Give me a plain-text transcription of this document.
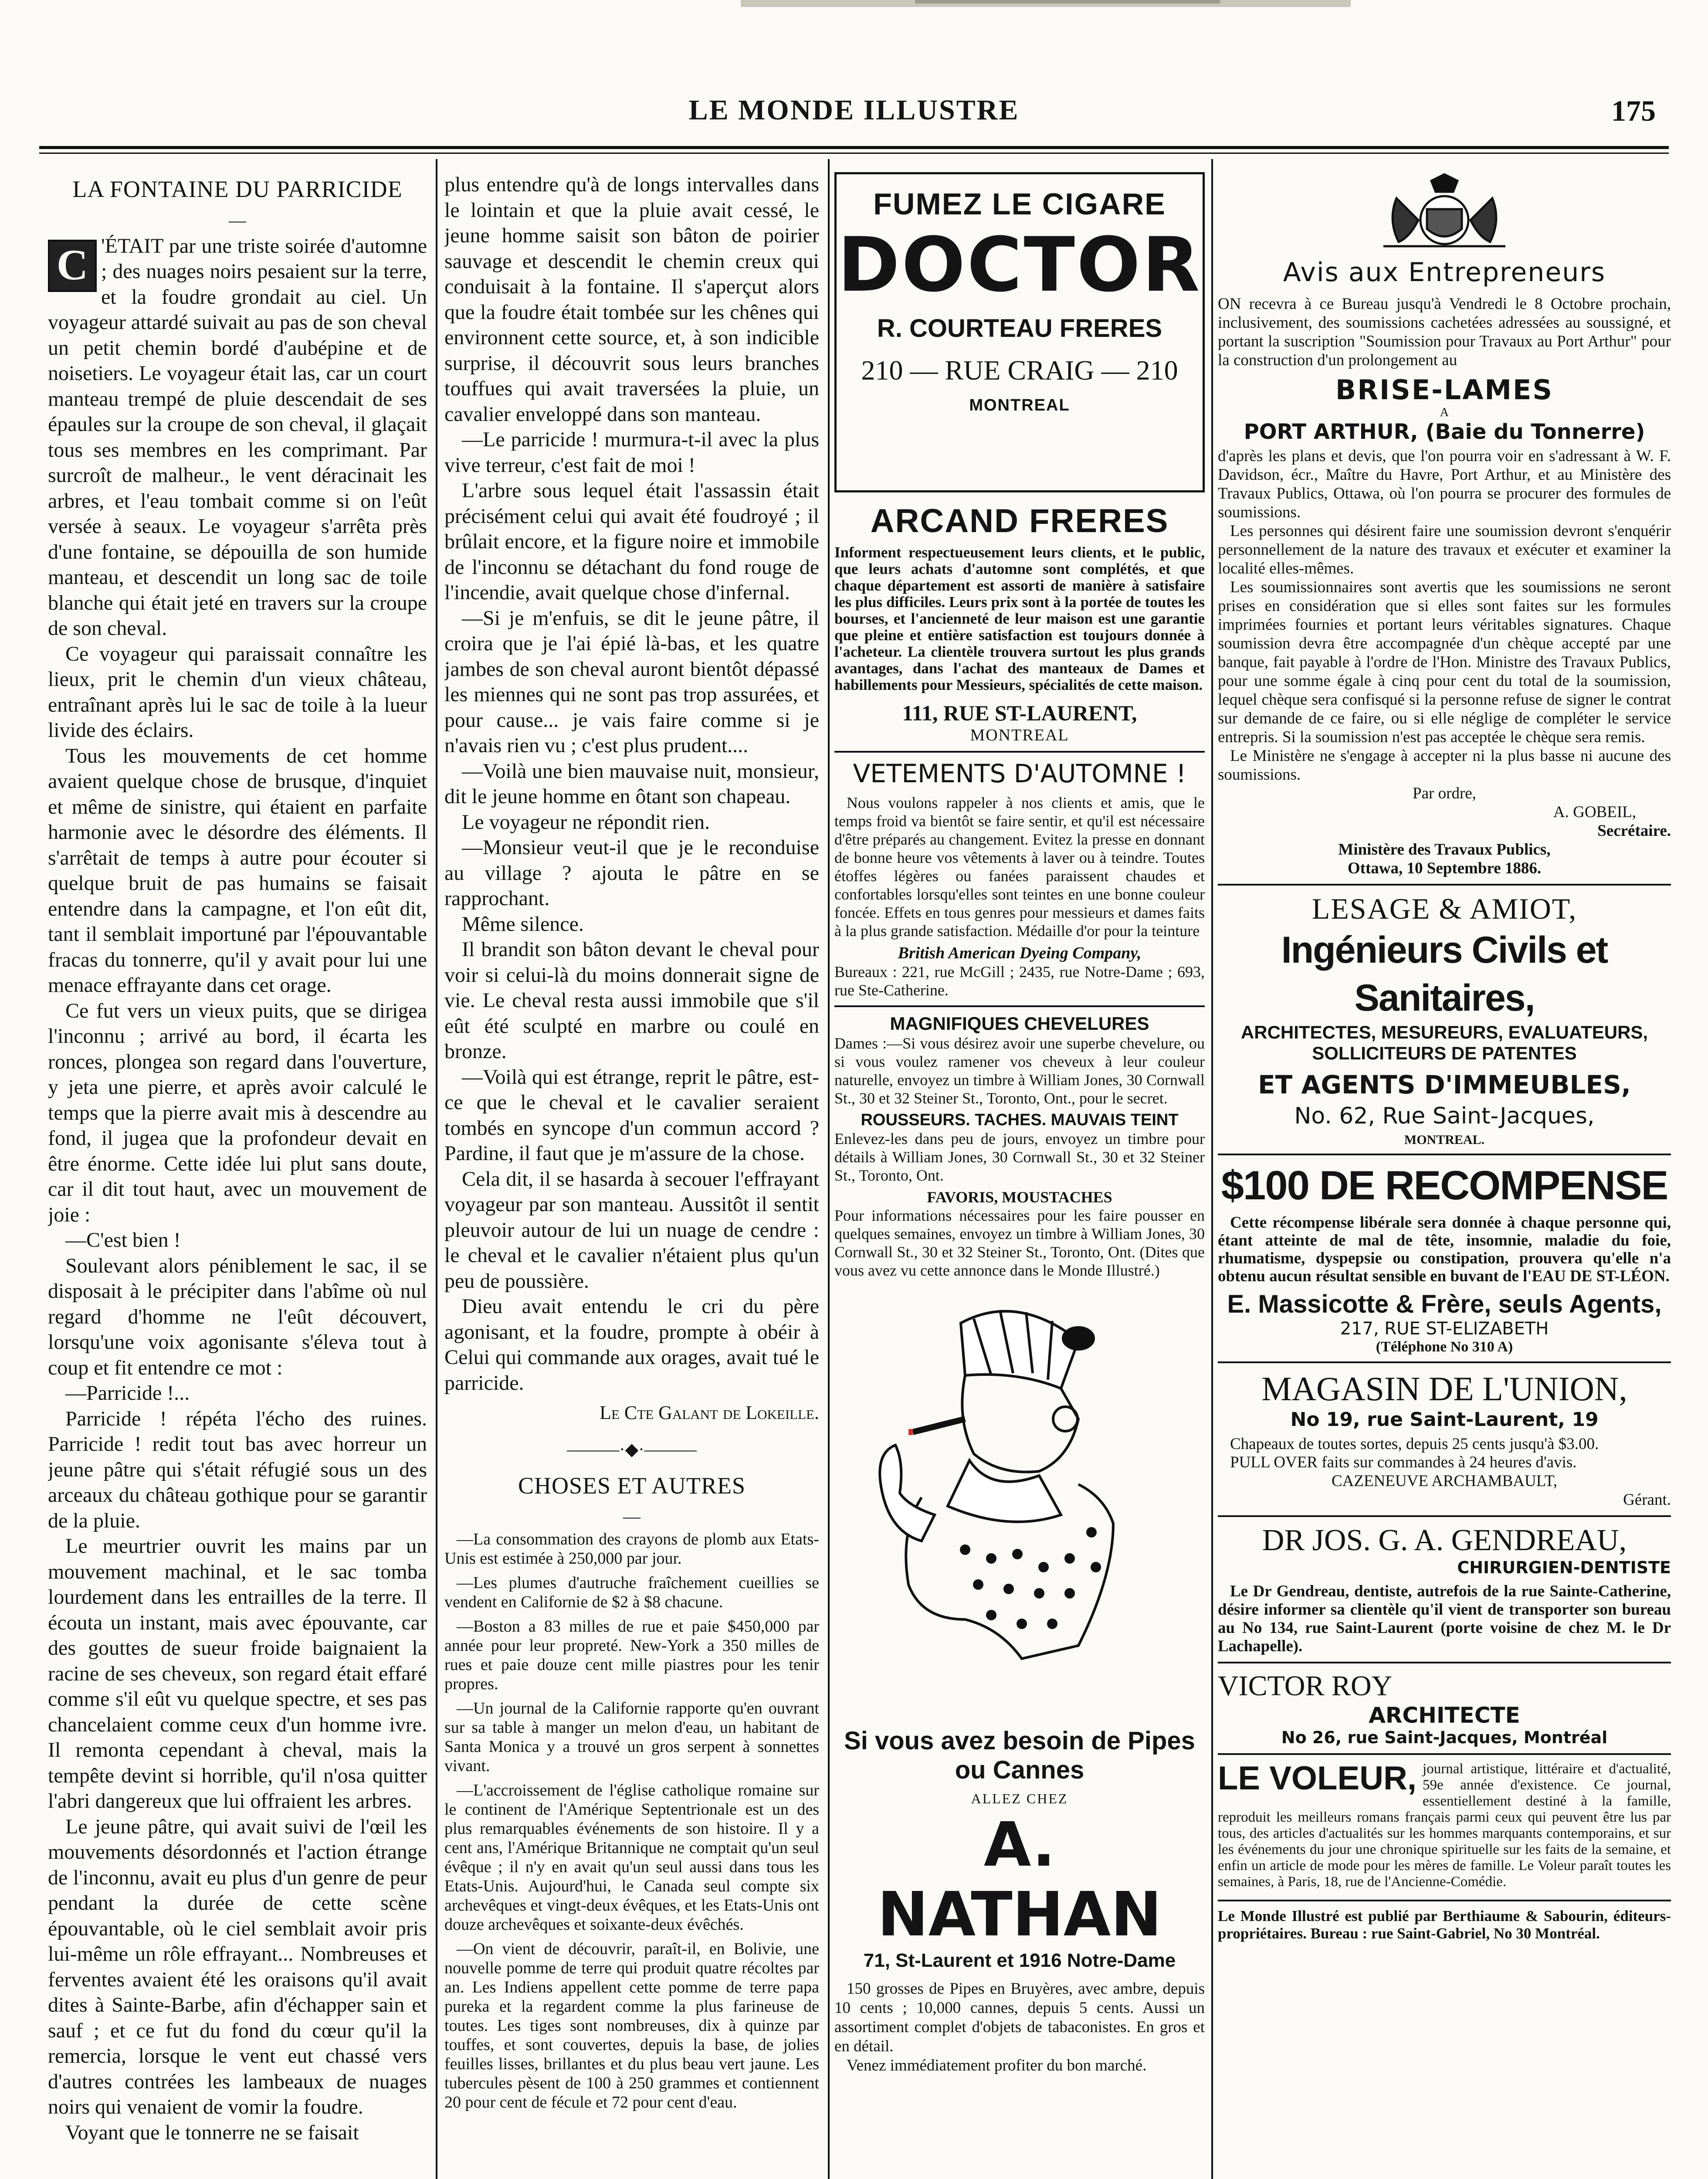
LE MONDE ILLUSTRE	175
LA FONTAINE DU PARRICIDE
—
C 'ÉTAIT par une triste soirée d'automne ; des nuages noirs pesaient sur la terre, et la foudre grondait au ciel. Un voyageur attardé suivait au pas de son cheval un petit chemin bordé d'aubépine et de noisetiers. Le voyageur était las, car un court manteau trempé de pluie descendait de ses épaules sur la croupe de son cheval, il glaçait tous ses membres en les comprimant. Par surcroît de malheur., le vent déracinait les arbres, et l'eau tombait comme si on l'eût versée à seaux. Le voyageur s'arrêta près d'une fontaine, se dépouilla de son humide manteau, et descendit un long sac de toile blanche qui était jeté en travers sur la croupe de son cheval.

Ce voyageur qui paraissait connaître les lieux, prit le chemin d'un vieux château, entraînant après lui le sac de toile à la lueur livide des éclairs.

Tous les mouvements de cet homme avaient quelque chose de brusque, d'inquiet et même de sinistre, qui étaient en parfaite harmonie avec le désordre des éléments. Il s'arrêtait de temps à autre pour écouter si quelque bruit de pas humains se faisait entendre dans la campagne, et l'on eût dit, tant il semblait importuné par l'épouvantable fracas du tonnerre, qu'il y avait pour lui une menace effrayante dans cet orage.

Ce fut vers un vieux puits, que se dirigea l'inconnu ; arrivé au bord, il écarta les ronces, plongea son regard dans l'ouverture, y jeta une pierre, et après avoir calculé le temps que la pierre avait mis à descendre au fond, il jugea que la profondeur devait en être énorme. Cette idée lui plut sans doute, car il dit tout haut, avec un mouvement de joie :

—C'est bien !

Soulevant alors péniblement le sac, il se disposait à le précipiter dans l'abîme où nul regard d'homme ne l'eût découvert, lorsqu'une voix agonisante s'éleva tout à coup et fit entendre ce mot :

—Parricide !...

Parricide ! répéta l'écho des ruines. Parricide ! redit tout bas avec horreur un jeune pâtre qui s'était réfugié sous un des arceaux du château gothique pour se garantir de la pluie.

Le meurtrier ouvrit les mains par un mouvement machinal, et le sac tomba lourdement dans les entrailles de la terre. Il écouta un instant, mais avec épouvante, car des gouttes de sueur froide baignaient la racine de ses cheveux, son regard était effaré comme s'il eût vu quelque spectre, et ses pas chancelaient comme ceux d'un homme ivre. Il remonta cependant à cheval, mais la tempête devint si horrible, qu'il n'osa quitter l'abri dangereux que lui offraient les arbres.

Le jeune pâtre, qui avait suivi de l'œil les mouvements désordonnés et l'action étrange de l'inconnu, avait eu plus d'un genre de peur pendant la durée de cette scène épouvantable, où le ciel semblait avoir pris lui-même un rôle effrayant... Nombreuses et ferventes avaient été les oraisons qu'il avait dites à Sainte-Barbe, afin d'échapper sain et sauf ; et ce fut du fond du cœur qu'il la remercia, lorsque le vent eut chassé vers d'autres contrées les lambeaux de nuages noirs qui venaient de vomir la foudre.

Voyant que le tonnerre ne se faisait

plus entendre qu'à de longs intervalles dans le lointain et que la pluie avait cessé, le jeune homme saisit son bâton de poirier sauvage et descendit le chemin creux qui conduisait à la fontaine. Il s'aperçut alors que la foudre était tombée sur les chênes qui environnent cette source, et, à son indicible surprise, il découvrit sous leurs branches touffues qui avait traversées la pluie, un cavalier enveloppé dans son manteau.

—Le parricide ! murmura-t-il avec la plus vive terreur, c'est fait de moi !

L'arbre sous lequel était l'assassin était précisément celui qui avait été foudroyé ; il brûlait encore, et la figure noire et immobile de l'inconnu se détachant du fond rouge de l'incendie, avait quelque chose d'infernal.

—Si je m'enfuis, se dit le jeune pâtre, il croira que je l'ai épié là-bas, et les quatre jambes de son cheval auront bientôt dépassé les miennes qui ne sont pas trop assurées, et pour cause... je vais faire comme si je n'avais rien vu ; c'est plus prudent....

—Voilà une bien mauvaise nuit, monsieur, dit le jeune homme en ôtant son chapeau.

Le voyageur ne répondit rien.

—Monsieur veut-il que je le reconduise au village ? ajouta le pâtre en se rapprochant.

Même silence.

Il brandit son bâton devant le cheval pour voir si celui-là du moins donnerait signe de vie. Le cheval resta aussi immobile que s'il eût été sculpté en marbre ou coulé en bronze.

—Voilà qui est étrange, reprit le pâtre, est-ce que le cheval et le cavalier seraient tombés en syncope d'un commun accord ? Pardine, il faut que je m'assure de la chose.

Cela dit, il se hasarda à secouer l'effrayant voyageur par son manteau. Aussitôt il sentit pleuvoir autour de lui un nuage de cendre : le cheval et le cavalier n'étaient plus qu'un peu de poussière.

Dieu avait entendu le cri du père agonisant, et la foudre, prompte à obéir à Celui qui commande aux orages, avait tué le parricide.

Le Cte Galant de Lokeille.
———·◆·———
CHOSES ET AUTRES
—

—La consommation des crayons de plomb aux Etats-Unis est estimée à 250,000 par jour.

—Les plumes d'autruche fraîchement cueillies se vendent en Californie de $2 à $8 chacune.

—Boston a 83 milles de rue et paie $450,000 par année pour leur propreté. New-York a 350 milles de rues et paie douze cent mille piastres pour les tenir propres.

—Un journal de la Californie rapporte qu'en ouvrant sur sa table à manger un melon d'eau, un habitant de Santa Monica y a trouvé un gros serpent à sonnettes vivant.

—L'accroissement de l'église catholique romaine sur le continent de l'Amérique Septentrionale est un des plus remarquables événements de son histoire. Il y a cent ans, l'Amérique Britannique ne comptait qu'un seul évêque ; il n'y en avait qu'un seul aussi dans tous les Etats-Unis. Aujourd'hui, le Canada seul compte six archevêques et vingt-deux évêques, et les Etats-Unis ont douze archevêques et soixante-deux évêchés.

—On vient de découvrir, paraît-il, en Bolivie, une nouvelle pomme de terre qui produit quatre récoltes par an. Les Indiens appellent cette pomme de terre papa pureka et la regardent comme la plus farineuse de toutes. Les tiges sont nombreuses, dix à quinze par touffes, et sont couvertes, depuis la base, de jolies feuilles lisses, brillantes et du plus beau vert jaune. Les tubercules pèsent de 100 à 250 grammes et contiennent 20 pour cent de fécule et 72 pour cent d'eau.

FUMEZ LE CIGARE
DOCTOR
R. COURTEAU FRERES
210 — RUE CRAIG — 210
MONTREAL
ARCAND FRERES
Informent respectueusement leurs clients, et le public, que leurs achats d'automne sont complétés, et que chaque département est assorti de manière à satisfaire les plus difficiles. Leurs prix sont à la portée de toutes les bourses, et l'ancienneté de leur maison est une garantie que pleine et entière satisfaction est toujours donnée à l'acheteur. La clientèle trouvera surtout les plus grands avantages, dans l'achat des manteaux de Dames et habillements pour Messieurs, spécialités de cette maison.
111, RUE ST-LAURENT,
MONTREAL
VETEMENTS D'AUTOMNE !
Nous voulons rappeler à nos clients et amis, que le temps froid va bientôt se faire sentir, et qu'il est nécessaire d'être préparés au changement. Evitez la presse en donnant de bonne heure vos vêtements à laver ou à teindre. Toutes étoffes légères ou fanées paraissent chaudes et confortables lorsqu'elles sont teintes en une bonne couleur foncée. Effets en tous genres pour messieurs et dames faits à la plus grande satisfaction. Médaille d'or pour la teinture
British American Dyeing Company,
Bureaux : 221, rue McGill ; 2435, rue Notre-Dame ; 693, rue Ste-Catherine.
MAGNIFIQUES CHEVELURES
Dames :—Si vous désirez avoir une superbe chevelure, ou si vous voulez ramener vos cheveux à leur couleur naturelle, envoyez un timbre à William Jones, 30 Cornwall St., 30 et 32 Steiner St., Toronto, Ont., pour le secret.
ROUSSEURS. TACHES. MAUVAIS TEINT
Enlevez-les dans peu de jours, envoyez un timbre pour détails à William Jones, 30 Cornwall St., 30 et 32 Steiner St., Toronto, Ont.
FAVORIS, MOUSTACHES
Pour informations nécessaires pour les faire pousser en quelques semaines, envoyez un timbre à William Jones, 30 Cornwall St., 30 et 32 Steiner St., Toronto, Ont. (Dites que vous avez vu cette annonce dans le Monde Illustré.)
Si vous avez besoin de Pipes ou Cannes
ALLEZ CHEZ
A. NATHAN
71, St-Laurent et 1916 Notre-Dame
150 grosses de Pipes en Bruyères, avec ambre, depuis 10 cents ; 10,000 cannes, depuis 5 cents. Aussi un assortiment complet d'objets de tabaconistes. En gros et en détail.
Venez immédiatement profiter du bon marché.
Avis aux Entrepreneurs
ON recevra à ce Bureau jusqu'à Vendredi le 8 Octobre prochain, inclusivement, des soumissions cachetées adressées au soussigné, et portant la suscription "Soumission pour Travaux au Port Arthur" pour la construction d'un prolongement au
BRISE-LAMES
A
PORT ARTHUR, (Baie du Tonnerre)
d'après les plans et devis, que l'on pourra voir en s'adressant à W. F. Davidson, écr., Maître du Havre, Port Arthur, et au Ministère des Travaux Publics, Ottawa, où l'on pourra se procurer des formules de soumissions.
Les personnes qui désirent faire une soumission devront s'enquérir personnellement de la nature des travaux et exécuter et examiner la localité elles-mêmes.
Les soumissionnaires sont avertis que les soumissions ne seront prises en considération que si elles sont faites sur les formules imprimées fournies et portant leurs véritables signatures. Chaque soumission devra être accompagnée d'un chèque accepté par une banque, fait payable à l'ordre de l'Hon. Ministre des Travaux Publics, pour une somme égale à cinq pour cent du total de la soumission, lequel chèque sera confisqué si la personne refuse de signer le contrat sur demande de ce faire, ou si elle néglige de compléter le service entrepris. Si la soumission n'est pas acceptée le chèque sera remis.
Le Ministère ne s'engage à accepter ni la plus basse ni aucune des soumissions.
Par ordre,
A. GOBEIL,
Secrétaire.
Ministère des Travaux Publics,
Ottawa, 10 Septembre 1886.
LESAGE & AMIOT,
Ingénieurs Civils et Sanitaires,
ARCHITECTES, MESUREURS, EVALUATEURS,
SOLLICITEURS DE PATENTES
ET AGENTS D'IMMEUBLES,
No. 62, Rue Saint-Jacques,
MONTREAL.
$100 DE RECOMPENSE
Cette récompense libérale sera donnée à chaque personne qui, étant atteinte de mal de tête, insomnie, maladie du foie, rhumatisme, dyspepsie ou constipation, prouvera qu'elle n'a obtenu aucun résultat sensible en buvant de l'EAU DE ST-LÉON.
E. Massicotte & Frère, seuls Agents,
217, RUE ST-ELIZABETH
(Téléphone No 310 A)
MAGASIN DE L'UNION,
No 19, rue Saint-Laurent, 19
Chapeaux de toutes sortes, depuis 25 cents jusqu'à $3.00.
PULL OVER faits sur commandes à 24 heures d'avis.
CAZENEUVE ARCHAMBAULT,
Gérant.
DR JOS. G. A. GENDREAU,
CHIRURGIEN-DENTISTE
Le Dr Gendreau, dentiste, autrefois de la rue Sainte-Catherine, désire informer sa clientèle qu'il vient de transporter son bureau au No 134, rue Saint-Laurent (porte voisine de chez M. le Dr Lachapelle).
VICTOR ROY
ARCHITECTE
No 26, rue Saint-Jacques, Montréal
LE VOLEUR, journal artistique, littéraire et d'actualité, 59e année d'existence. Ce journal, essentiellement destiné à la famille, reproduit les meilleurs romans français parmi ceux qui peuvent être lus par tous, des articles d'actualités sur les hommes marquants contemporains, et sur les événements du jour une chronique spirituelle sur les faits de la semaine, et enfin un article de mode pour les mères de famille. Le Voleur paraît toutes les semaines, à Paris, 18, rue de l'Ancienne-Comédie.
Le Monde Illustré est publié par Berthiaume & Sabourin, éditeurs-propriétaires. Bureau : rue Saint-Gabriel, No 30 Montréal.
